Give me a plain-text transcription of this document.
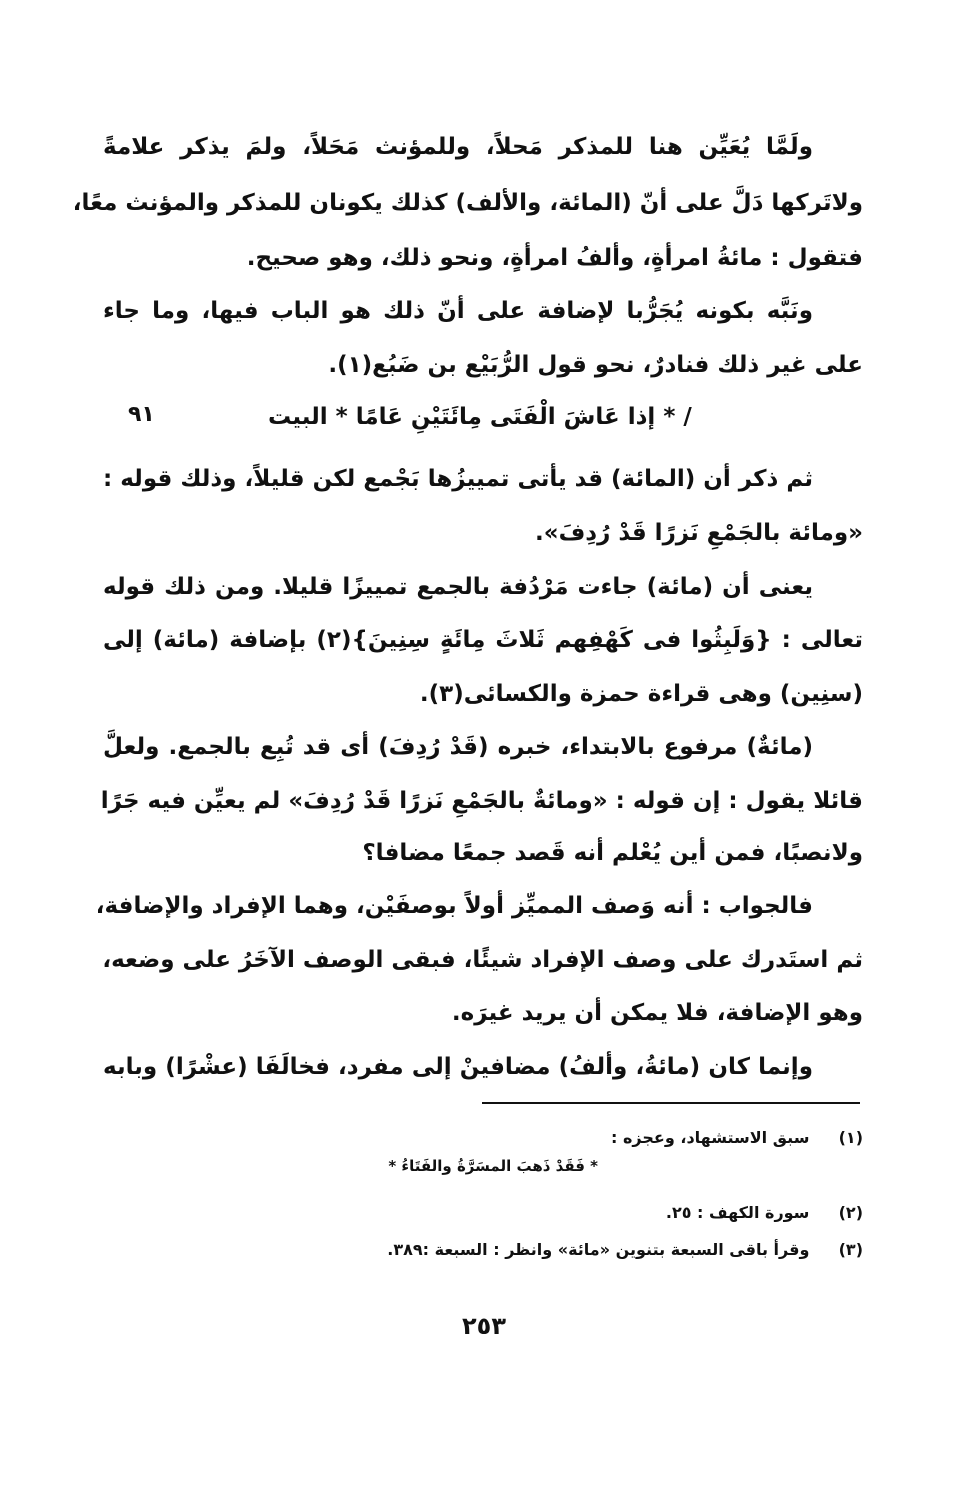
ولَمَّا يُعَيِّن هنا للمذكر مَحلاً، وللمؤنث مَحَلاً، ولمَ يذكر علامةً
ولاتَركها دَلَّ على أنّ (المائة، والألف) كذلك يكونان للمذكر والمؤنث معًا،
فتقول : مائةُ امرأةٍ، وألفُ امرأةٍ، ونحو ذلك، وهو صحيح.
ونَبَّه بكونه يُجَرُّبا لإضافة على أنّ ذلك هو الباب فيها، وما جاء
على غير ذلك فنادرٌ، نحو قول الرُّبَيْع بن ضَبُع(١).
/ * إذا عَاشَ الْفَتَى مِائَتَيْنِ عَامًا * البيت
٩١
ثم ذكر أن (المائة) قد يأتى تمييزُها بَجْمع لكن قليلاً، وذلك قوله :
«ومائة بالجَمْعِ نَزرًا قَدْ رُدِفَ».
يعنى أن (مائة) جاءت مَرْدُفة بالجمع تمييزًا قليلا. ومن ذلك قوله
تعالى : {وَلَبِثُوا فى كَهْفِهم ثَلاثَ مِائَةٍ سِنِينَ}(٢) بإضافة (مائة) إلى
(سنِين) وهى قراءة حمزة والكسائى(٣).
(مائةٌ) مرفوع بالابتداء، خبره (قَدْ رُدِفَ) أى قد تُبِع بالجمع. ولعلَّ
قائلا يقول : إن قوله : «ومائةٌ بالجَمْعِ نَزرًا قَدْ رُدِفَ» لم يعيِّن فيه جَرًا
ولانصبًا، فمن أين يُعْلم أنه قَصد جمعًا مضافا؟
فالجواب : أنه وَصف المميِّز أولاً بوصفَيْن، وهما الإفراد والإضافة،
ثم استَدرك على وصف الإفراد شيئًا، فبقى الوصف الآخَرُ على وضعه،
وهو الإضافة، فلا يمكن أن يريد غيرَه.
وإنما كان (مائةُ، وألفُ) مضافينْ إلى مفرد، فخالَفَا (عشْرًا) وبابه
(١) سبق الاستشهاد، وعجزه :
* فَقَدْ ذَهبَ المسَرَّةُ والفَتَاءُ *
(٢) سورة الكهف : ٢٥.
(٣) وقرأ باقى السبعة بتنوين «مائة» وانظر : السبعة :٣٨٩.
٢٥٣
